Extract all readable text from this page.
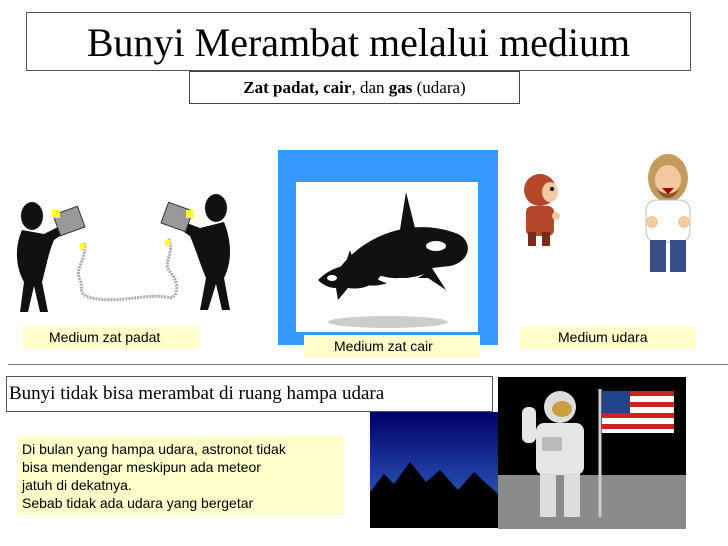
Bunyi Merambat melalui medium
Zat padat, cair, dan gas (udara)
Medium zat padat
Medium zat cair
Medium udara
Bunyi tidak bisa merambat di ruang hampa udara
Di bulan yang hampa udara, astronot tidak
bisa mendengar meskipun ada meteor
jatuh di dekatnya.
Sebab tidak ada udara yang bergetar
